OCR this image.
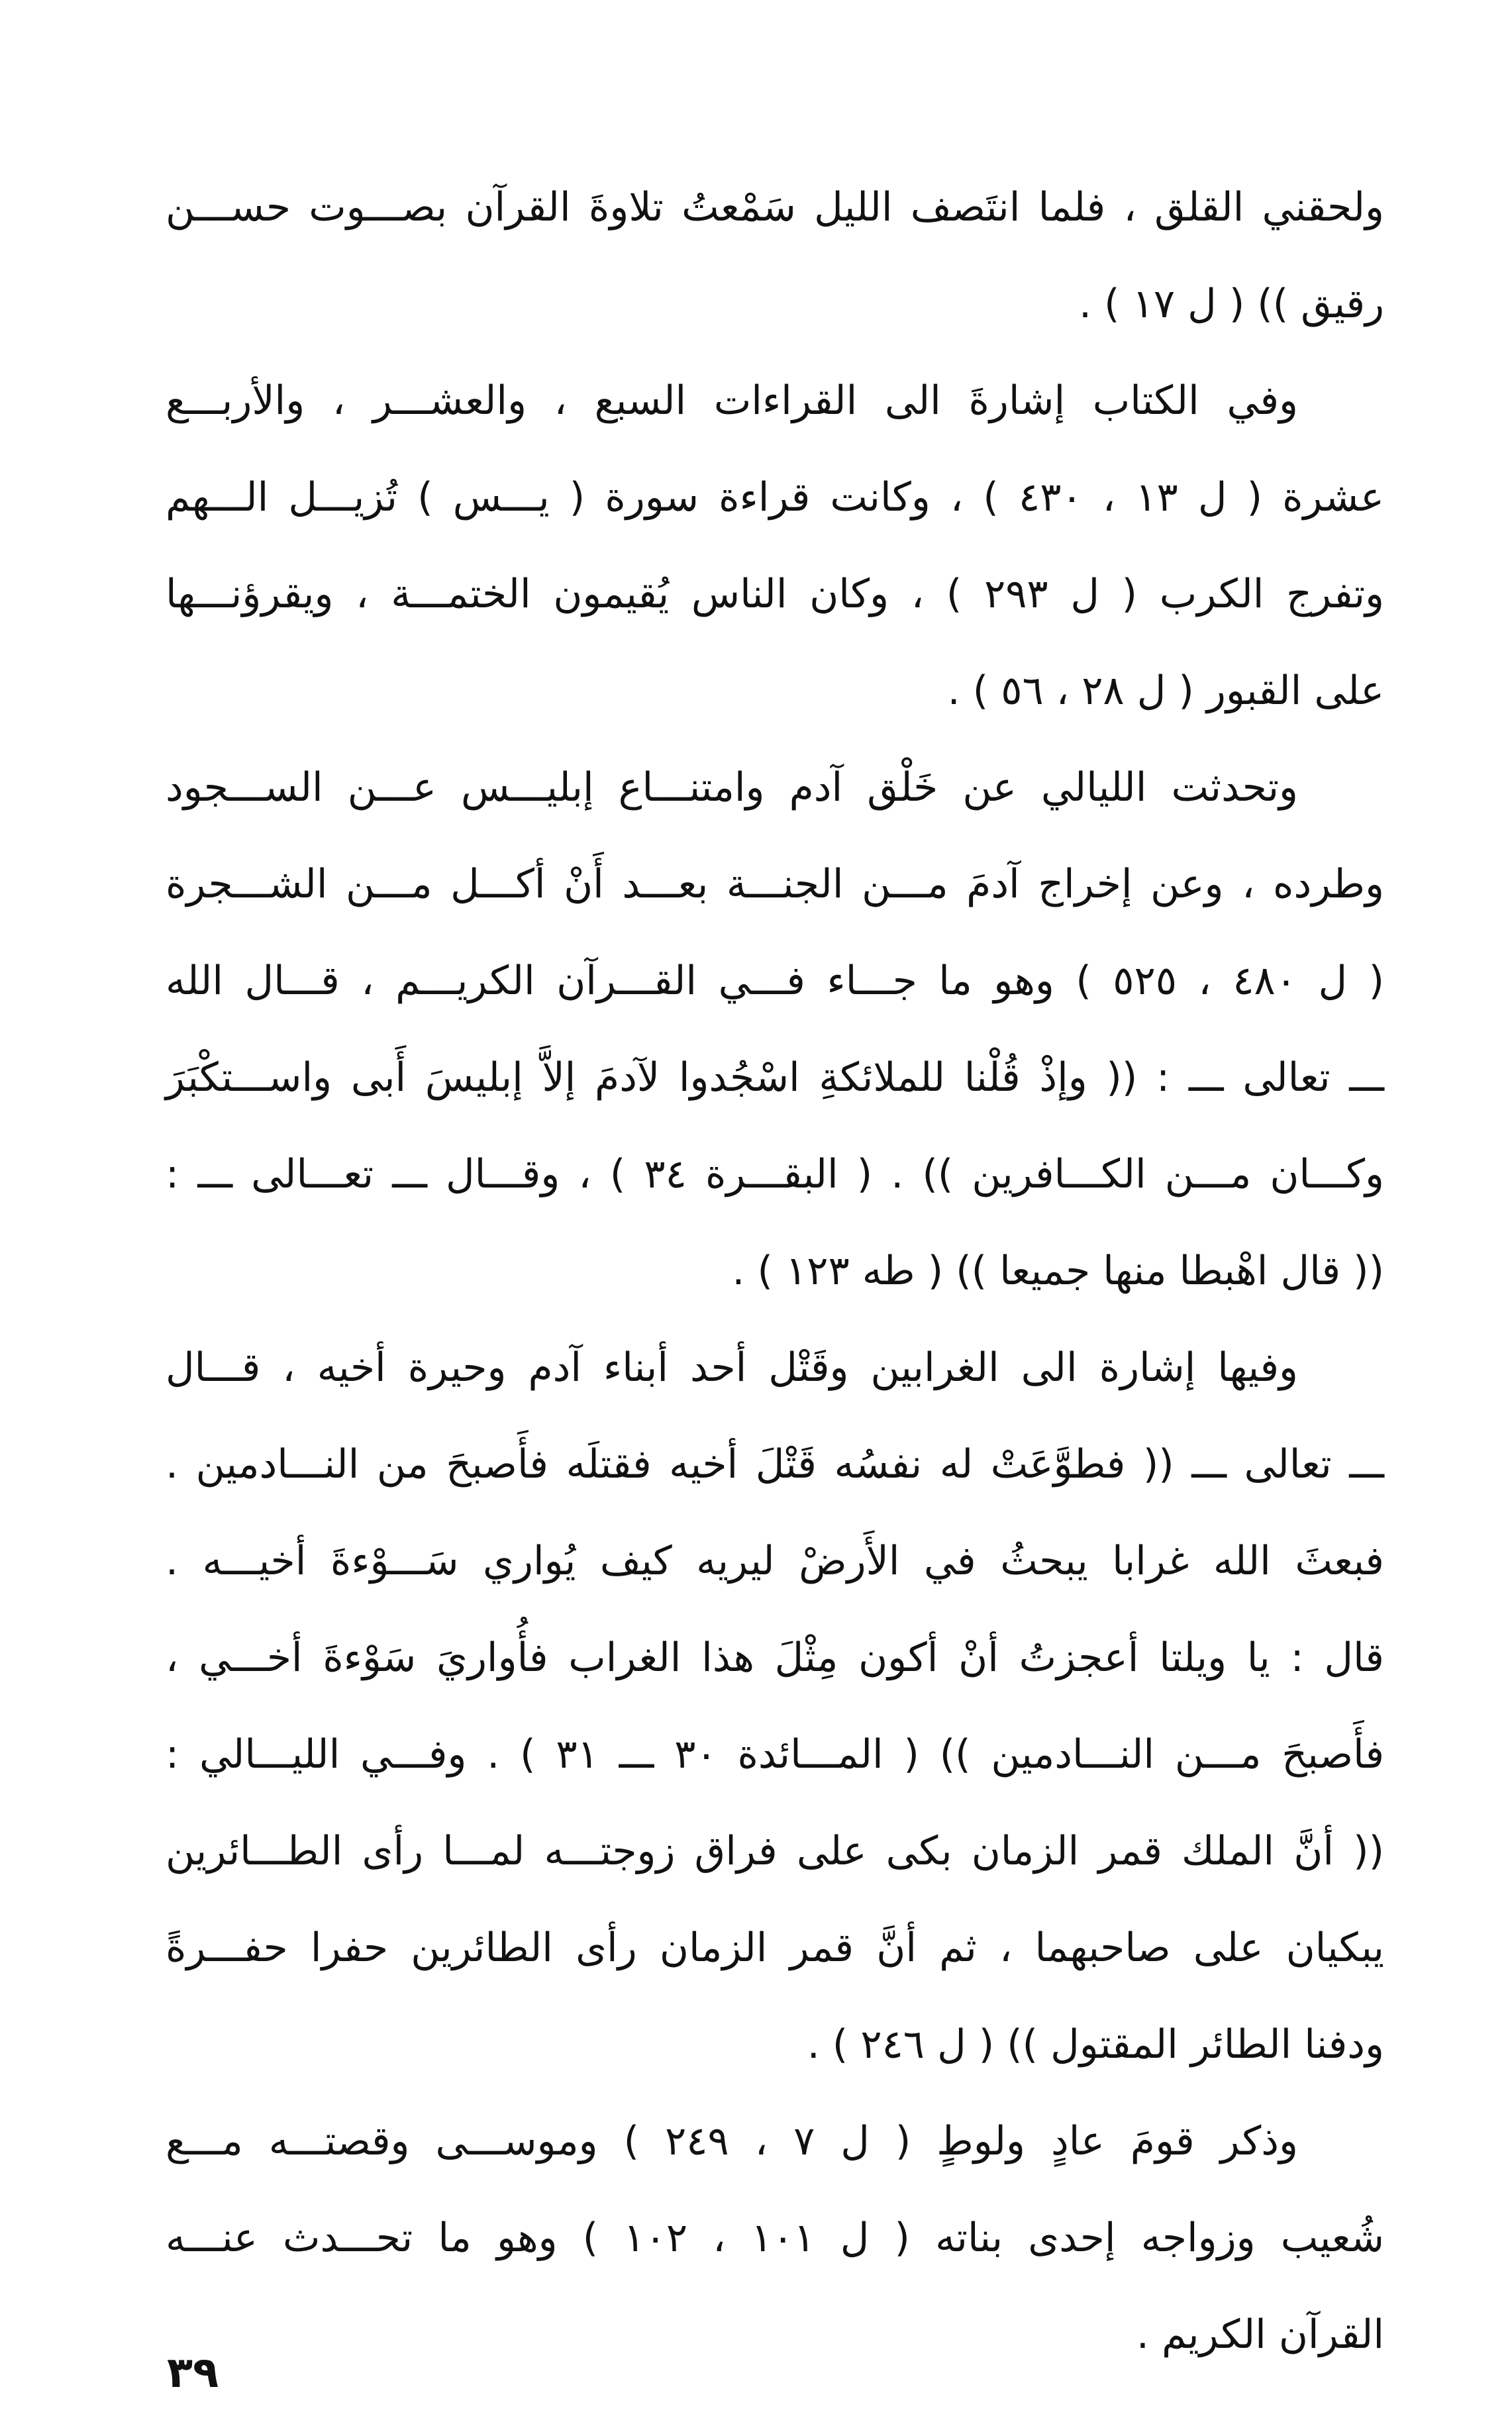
ولحقني القلق ، فلما انتَصف الليل سَمْعتُ تلاوةَ القرآن بصـــوت حســـن
رقيق )) ( ل ١٧ ) .
وفي الكتاب إشارةَ الى القراءات السبع ، والعشـــر ، والأربـــع
عشرة ( ل ١٣ ، ٤٣٠ ) ، وكانت قراءة سورة ( يـــس ) تُزيـــل الـــهم
وتفرج الكرب ( ل ٢٩٣ ) ، وكان الناس يُقيمون الختمـــة ، ويقرؤنـــها
على القبور ( ل ٢٨ ، ٥٦ ) .
وتحدثت الليالي عن خَلْق آدم وامتنـــاع إبليـــس عـــن الســـجود
وطرده ، وعن إخراج آدمَ مـــن الجنـــة بعـــد أَنْ أكـــل مـــن الشـــجرة
( ل ٤٨٠ ، ٥٢٥ ) وهو ما جـــاء فـــي القـــرآن الكريـــم ، قـــال الله
ـــ تعالى ـــ : (( وإذْ قُلْنا للملائكةِ اسْجُدوا لآدمَ إلاَّ إبليسَ أَبى واســـتكْبَرَ
وكـــان مـــن الكـــافرين )) . ( البقـــرة ٣٤ ) ، وقـــال ـــ تعـــالى ـــ :
(( قال اهْبطا منها جميعا )) ( طه ١٢٣ ) .
وفيها إشارة الى الغرابين وقَتْل أحد أبناء آدم وحيرة أخيه ، قـــال
ـــ تعالى ـــ (( فطوَّعَتْ له نفسُه قَتْلَ أخيه فقتلَه فأَصبحَ من النـــادمين .
فبعثَ الله غرابا يبحثُ في الأَرضْ ليريه كيف يُواري سَـــوْءةَ أخيـــه .
قال : يا ويلتا أعجزتُ أنْ أكون مِثْلَ هذا الغراب فأُواريَ سَوْءةَ أخـــي ،
فأَصبحَ مـــن النـــادمين )) ( المـــائدة ٣٠ ـــ ٣١ ) . وفـــي الليـــالي :
(( أنَّ الملك قمر الزمان بكى على فراق زوجتـــه لمـــا رأى الطـــائرين
يبكيان على صاحبهما ، ثم أنَّ قمر الزمان رأى الطائرين حفرا حفـــرةً
ودفنا الطائر المقتول )) ( ل ٢٤٦ ) .
وذكر قومَ عادٍ ولوطٍ ( ل ٧ ، ٢٤٩ ) وموســـى وقصتـــه مـــع
شُعيب وزواجه إحدى بناته ( ل ١٠١ ، ١٠٢ ) وهو ما تحـــدث عنـــه
القرآن الكريم .
٣٩
